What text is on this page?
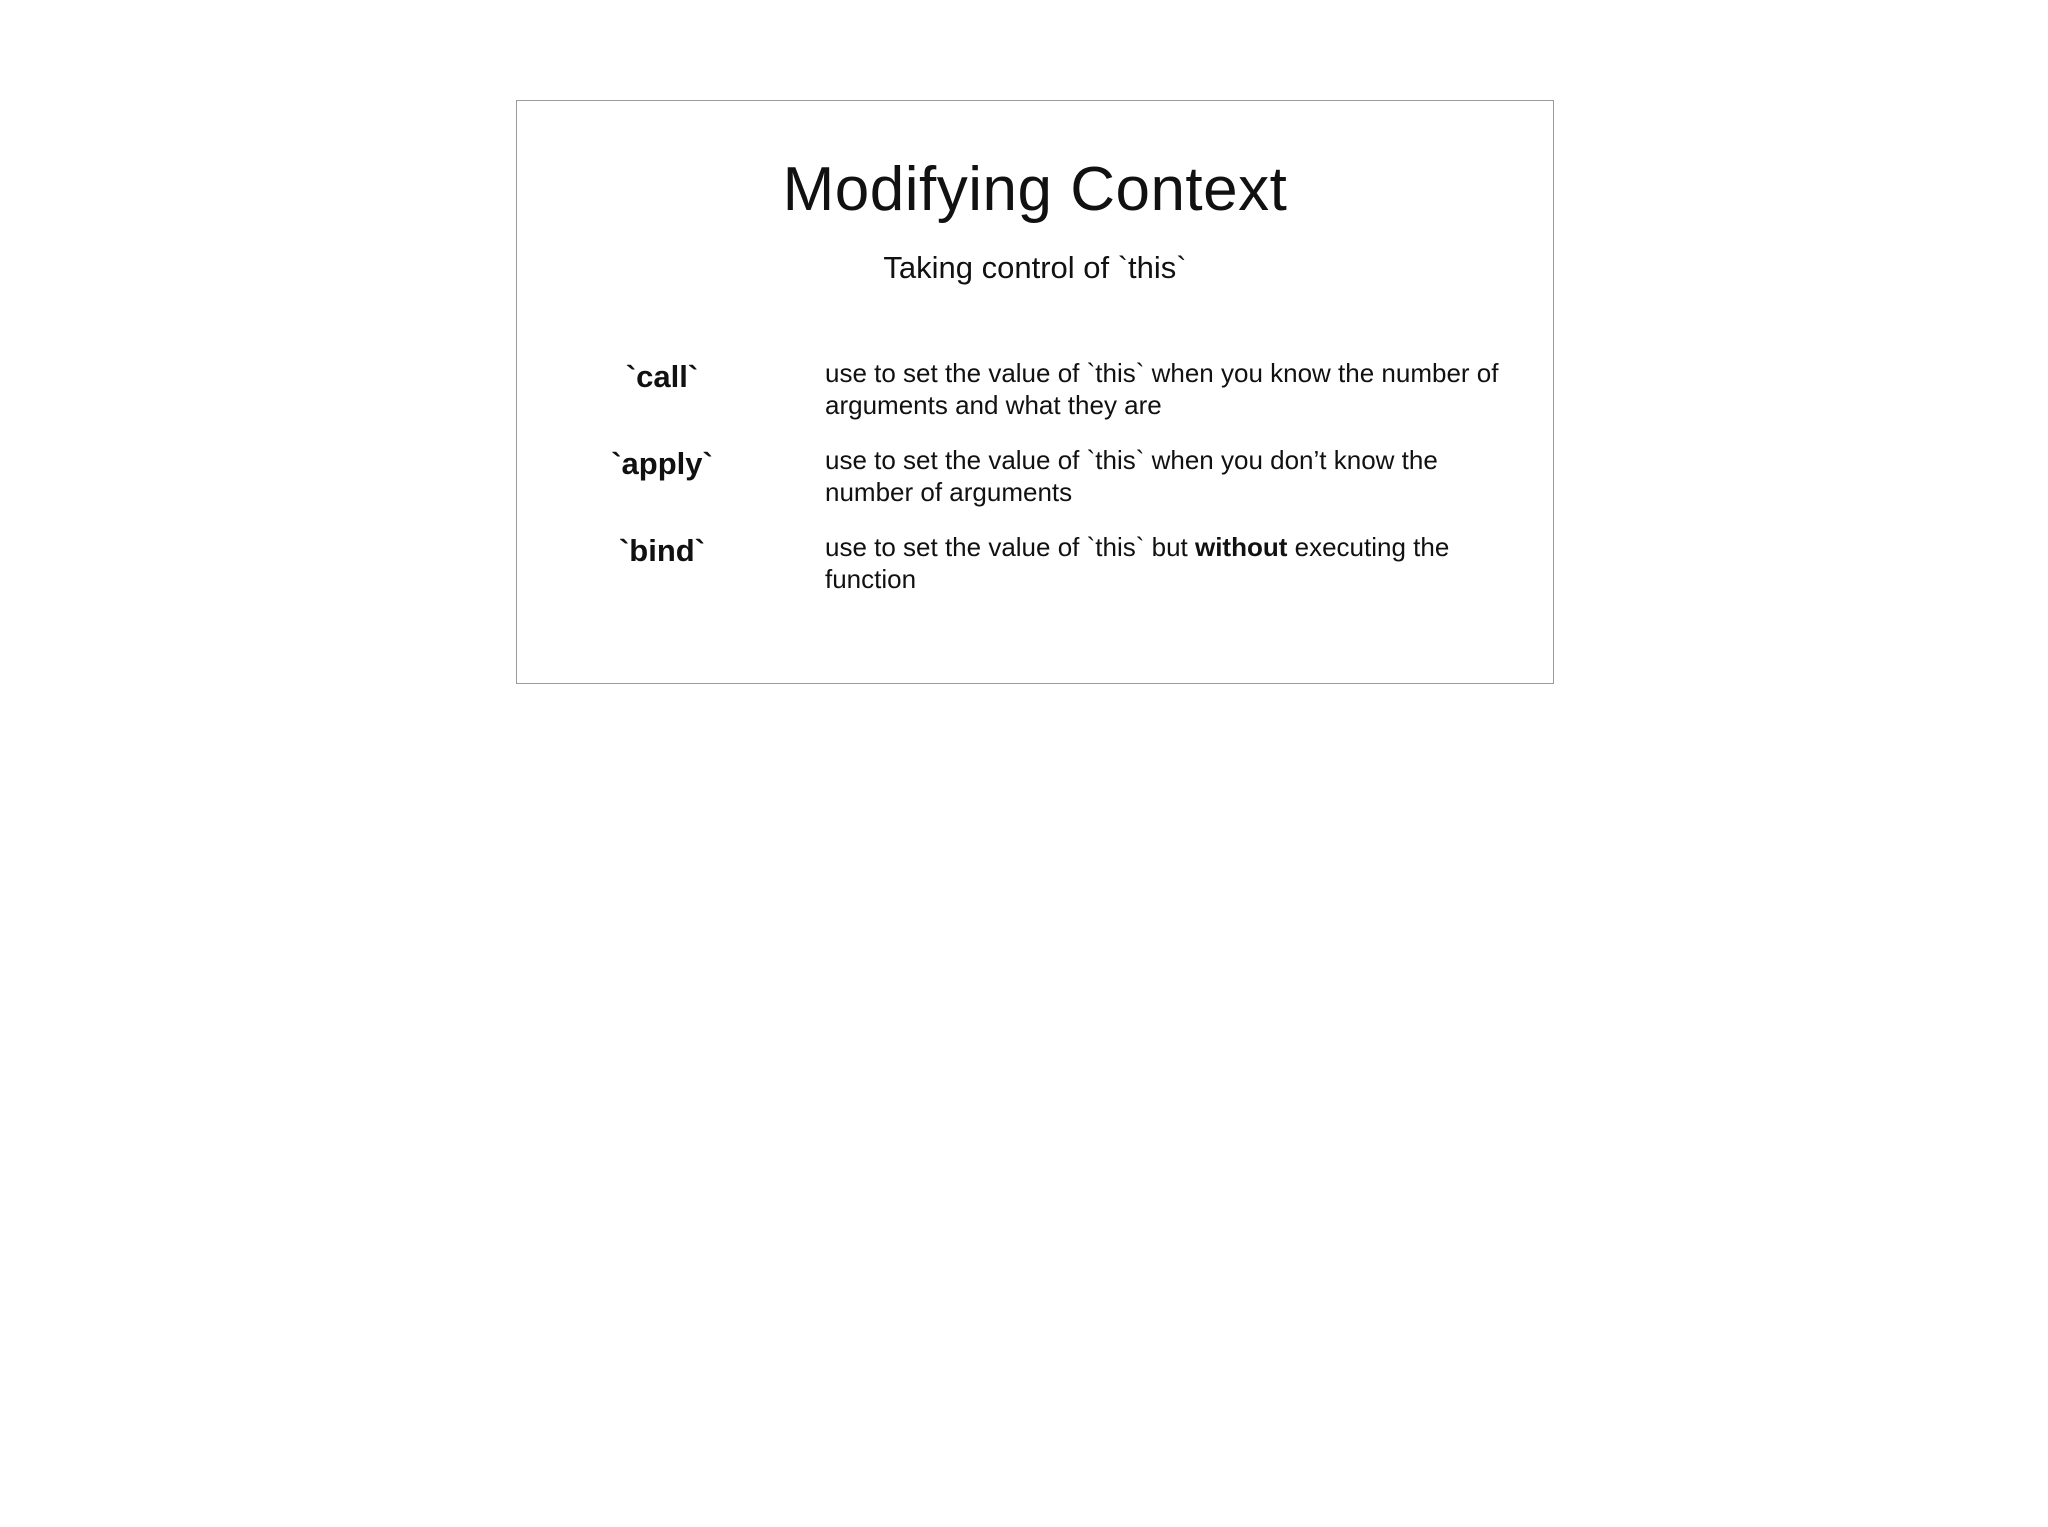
Modifying Context
Taking control of `this`
`call`	use to set the value of `this` when you know the number of arguments and what they are
`apply`	use to set the value of `this` when you don’t know the number of arguments
`bind`	use to set the value of `this` but without executing the function
